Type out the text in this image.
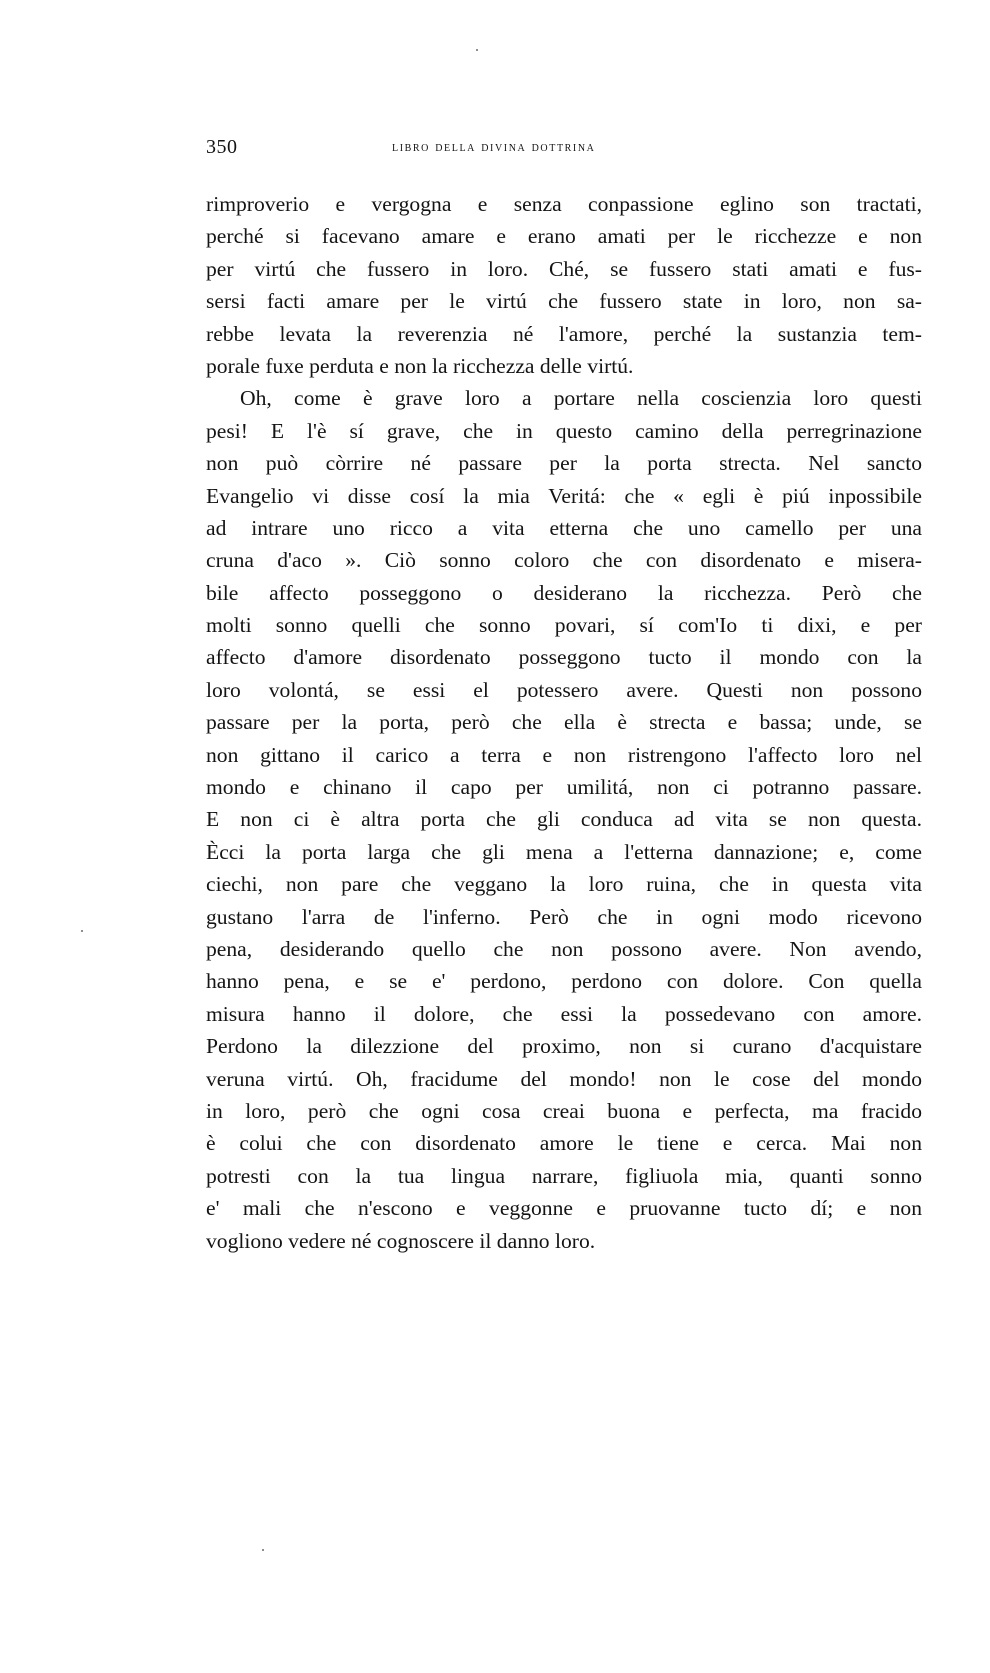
350	libro della divina dottrina
rimproverio e vergogna e senza conpassione eglino son tractati,
perché si facevano amare e erano amati per le ricchezze e non
per virtú che fussero in loro. Ché, se fussero stati amati e fus-
sersi facti amare per le virtú che fussero state in loro, non sa-
rebbe levata la reverenzia né l'amore, perché la sustanzia tem-
porale fuxe perduta e non la ricchezza delle virtú.
Oh, come è grave loro a portare nella coscienzia loro questi
pesi! E l'è sí grave, che in questo camino della perregrinazione
non può còrrire né passare per la porta strecta. Nel sancto
Evangelio vi disse cosí la mia Veritá: che « egli è piú inpossibile
ad intrare uno ricco a vita etterna che uno camello per una
cruna d'aco ». Ciò sonno coloro che con disordenato e misera-
bile affecto posseggono o desiderano la ricchezza. Però che
molti sonno quelli che sonno povari, sí com'Io ti dixi, e per
affecto d'amore disordenato posseggono tucto il mondo con la
loro volontá, se essi el potessero avere. Questi non possono
passare per la porta, però che ella è strecta e bassa; unde, se
non gittano il carico a terra e non ristrengono l'affecto loro nel
mondo e chinano il capo per umilitá, non ci potranno passare.
E non ci è altra porta che gli conduca ad vita se non questa.
Ècci la porta larga che gli mena a l'etterna dannazione; e, come
ciechi, non pare che veggano la loro ruina, che in questa vita
gustano l'arra de l'inferno. Però che in ogni modo ricevono
pena, desiderando quello che non possono avere. Non avendo,
hanno pena, e se e' perdono, perdono con dolore. Con quella
misura hanno il dolore, che essi la possedevano con amore.
Perdono la dilezzione del proximo, non si curano d'acquistare
veruna virtú. Oh, fracidume del mondo! non le cose del mondo
in loro, però che ogni cosa creai buona e perfecta, ma fracido
è colui che con disordenato amore le tiene e cerca. Mai non
potresti con la tua lingua narrare, figliuola mia, quanti sonno
e' mali che n'escono e veggonne e pruovanne tucto dí; e non
vogliono vedere né cognoscere il danno loro.
